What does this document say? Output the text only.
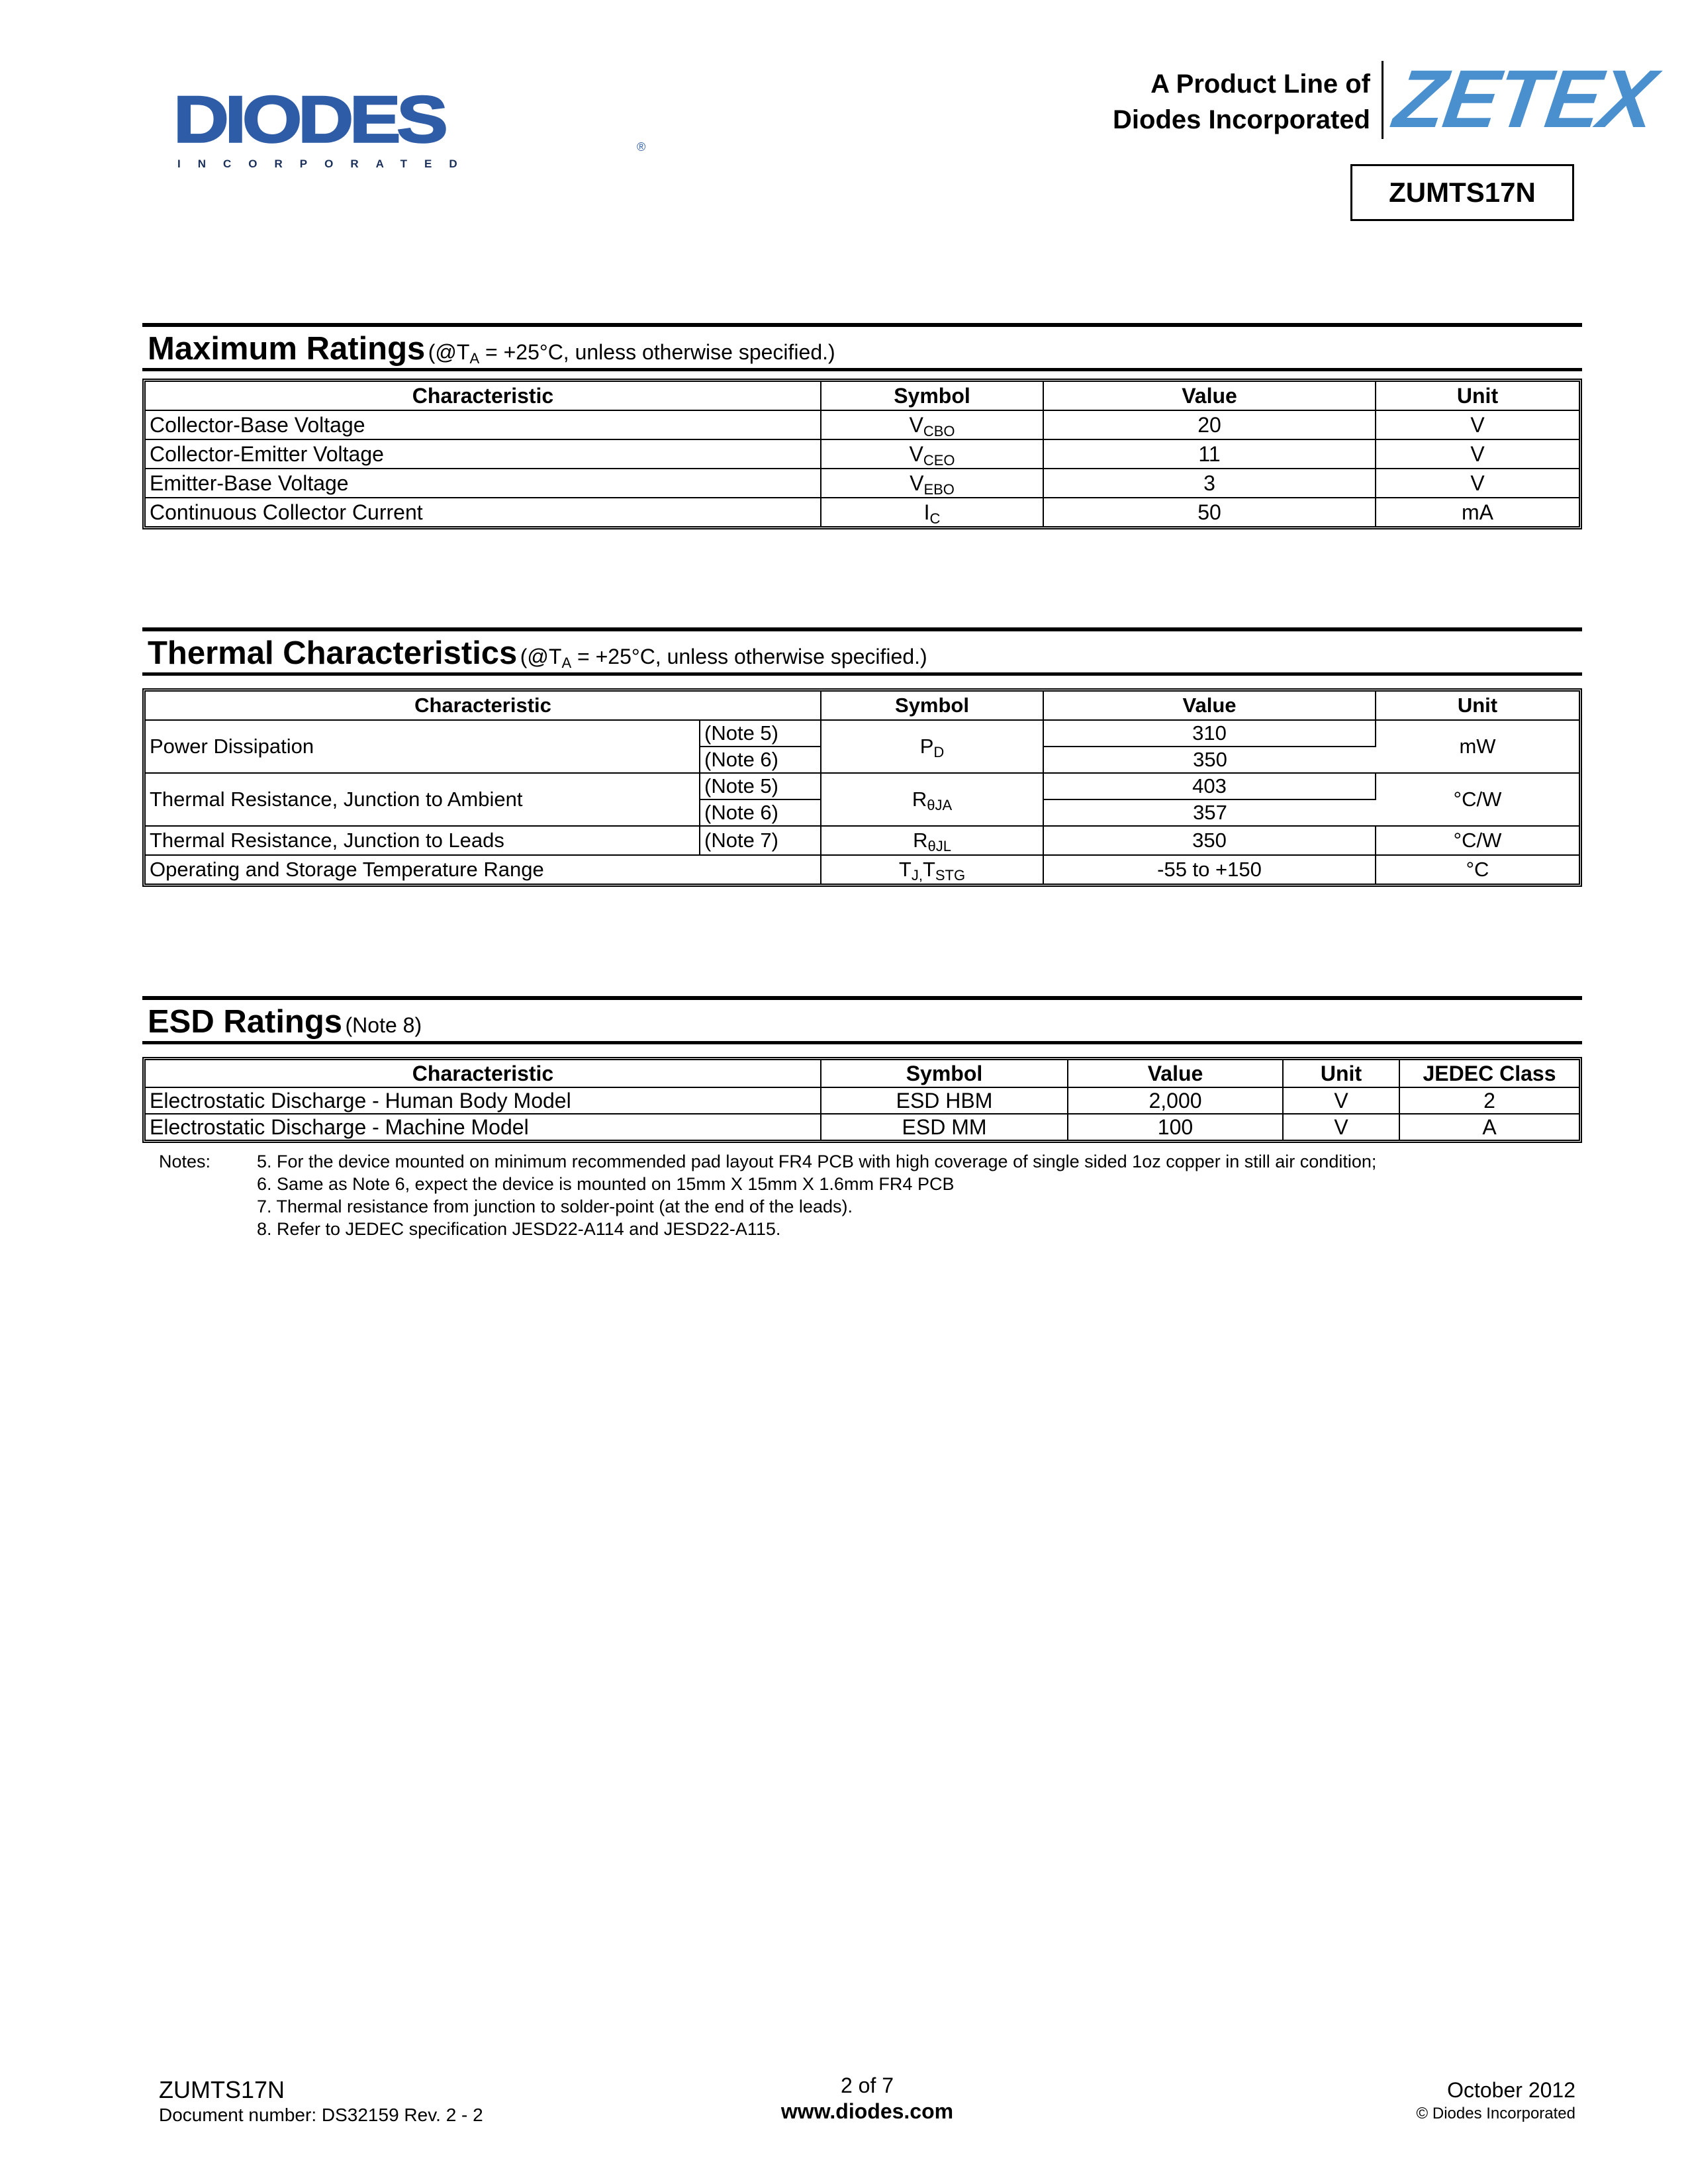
DIODES
INCORPORATED
®
A Product Line of
Diodes Incorporated ZETEX
ZUMTS17N
Maximum Ratings ($@T_A = +25^\circ C$, unless otherwise specified.)
Characteristic	Symbol	Value	Unit
Collector-Base Voltage	$V_{CBO}$	20	V
Collector-Emitter Voltage	$V_{CEO}$	11	V
Emitter-Base Voltage	$V_{EBO}$	3	V
Continuous Collector Current	$I_C$	50	mA
Thermal Characteristics ($@T_A = +25^\circ C$, unless otherwise specified.)
Characteristic		Symbol	Value	Unit
Power Dissipation	(Note 5)	$P_D$	310	mW
	(Note 6)		350	
Thermal Resistance, Junction to Ambient	(Note 5)	$R_{\theta JA}$	403	°C/W
	(Note 6)		357	
Thermal Resistance, Junction to Leads	(Note 7)	$R_{\theta JL}$	350	°C/W
Operating and Storage Temperature Range		$T_{J,}T_{STG}$	-55 to +150	°C
ESD Ratings (Note 8)
Characteristic	Symbol	Value	Unit	JEDEC Class
Electrostatic Discharge - Human Body Model	ESD HBM	2,000	V	2
Electrostatic Discharge - Machine Model	ESD MM	100	V	A
Notes:	5. For the device mounted on minimum recommended pad layout FR4 PCB with high coverage of single sided 1oz copper in still air condition;
6. Same as Note 6, expect the device is mounted on 15mm X 15mm X 1.6mm FR4 PCB
7. Thermal resistance from junction to solder-point (at the end of the leads).
8. Refer to JEDEC specification JESD22-A114 and JESD22-A115.
ZUMTS17N
Document number: DS32159 Rev. 2 - 2
2 of 7
www.diodes.com
October 2012
© Diodes Incorporated
